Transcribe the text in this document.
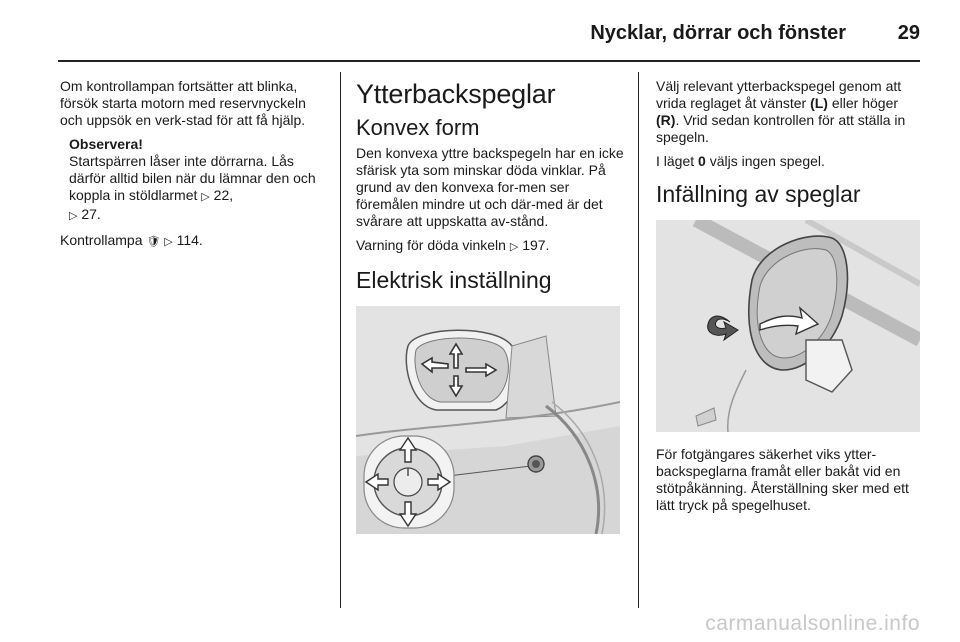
Nycklar, dörrar och fönster	29

Om kontrollampan fortsätter att blinka, försök starta motorn med reservnyckeln och uppsök en verk-stad för att få hjälp.

Observera!
Startspärren låser inte dörrarna. Lås därför alltid bilen när du lämnar den och koppla in stöldlarmet ▷ 22,
▷ 27.

Kontrollampa 🛡 ▷ 114.

Ytterbackspeglar
Konvex form

Den konvexa yttre backspegeln har en icke sfärisk yta som minskar döda vinklar. På grund av den konvexa for-men ser föremålen mindre ut och där-med är det svårare att uppskatta av-stånd.

Varning för döda vinkeln ▷ 197.

Elektrisk inställning

Välj relevant ytterbackspegel genom att vrida reglaget åt vänster (L) eller höger (R). Vrid sedan kontrollen för att ställa in spegeln.

I läget 0 väljs ingen spegel.

Infällning av speglar

För fotgängares säkerhet viks ytter-backspeglarna framåt eller bakåt vid en stötpåkänning. Återställning sker med ett lätt tryck på spegelhuset.

carmanualsonline.info
